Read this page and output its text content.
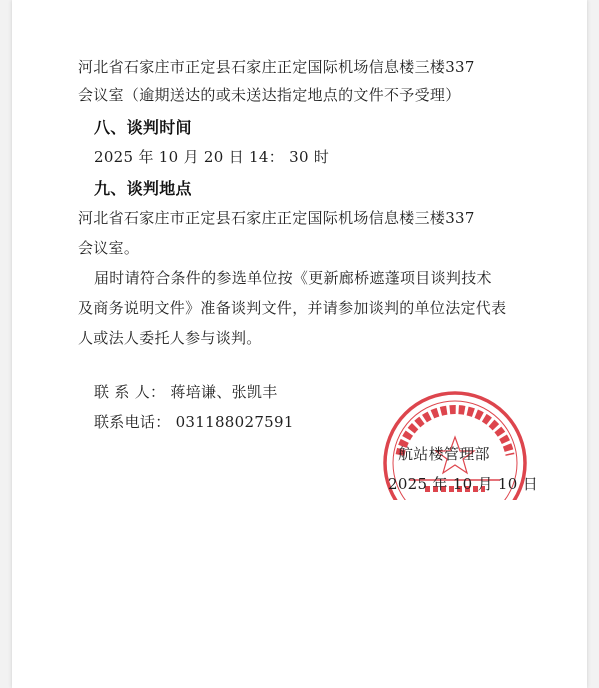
河北省石家庄市正定县石家庄正定国际机场信息楼三楼337
会议室（逾期送达的或未送达指定地点的文件不予受理）
八、谈判时间
2025 年 10 月 20 日 14： 30 时
九、谈判地点
河北省石家庄市正定县石家庄正定国际机场信息楼三楼337
会议室。
届时请符合条件的参选单位按《更新廊桥遮蓬项目谈判技术
及商务说明文件》准备谈判文件，并请参加谈判的单位法定代表
人或法人委托人参与谈判。
联 系 人： 蒋培谦、张凯丰
联系电话： 031188027591
航站楼管理部
2025 年 10 月 10 日
